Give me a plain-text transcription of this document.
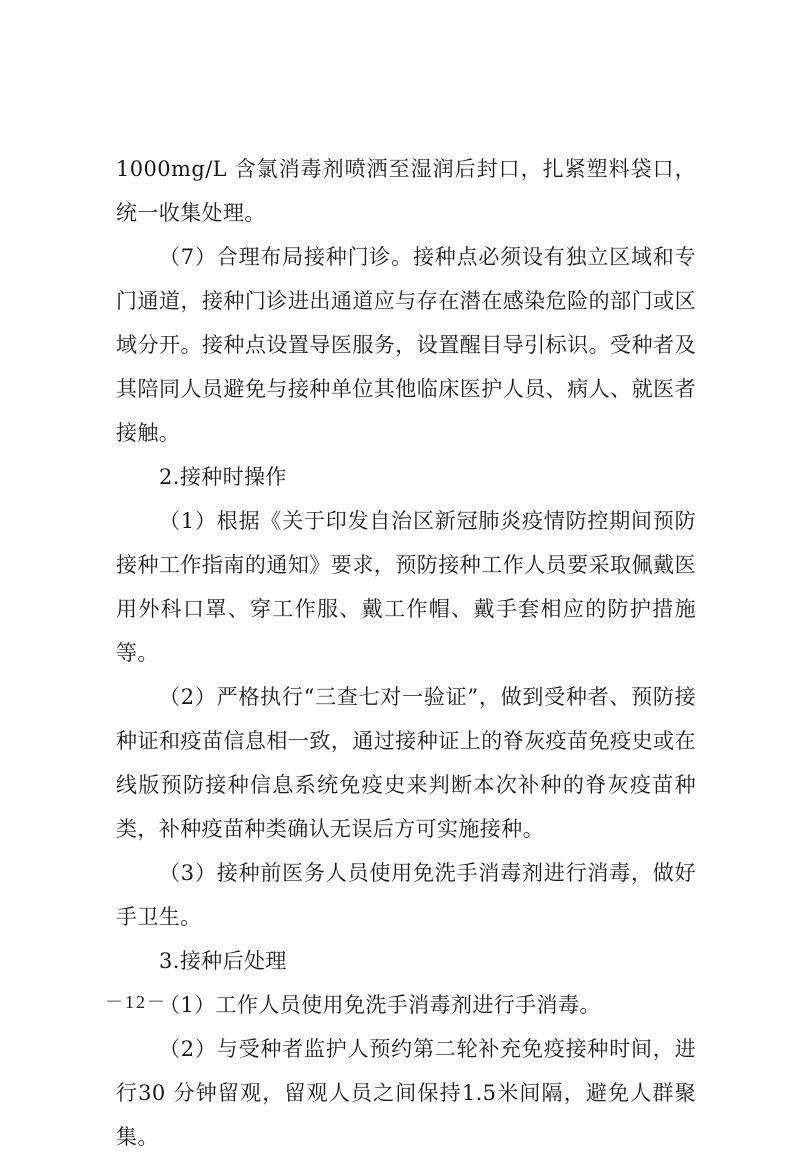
1000mg/L 含氯消毒剂喷洒至湿润后封口，扎紧塑料袋口，统一收集处理。

（7）合理布局接种门诊。接种点必须设有独立区域和专门通道，接种门诊进出通道应与存在潜在感染危险的部门或区域分开。接种点设置导医服务，设置醒目导引标识。受种者及其陪同人员避免与接种单位其他临床医护人员、病人、就医者接触。

2.接种时操作

（1）根据《关于印发自治区新冠肺炎疫情防控期间预防接种工作指南的通知》要求，预防接种工作人员要采取佩戴医用外科口罩、穿工作服、戴工作帽、戴手套相应的防护措施等。

（2）严格执行“三查七对一验证”，做到受种者、预防接种证和疫苗信息相一致，通过接种证上的脊灰疫苗免疫史或在线版预防接种信息系统免疫史来判断本次补种的脊灰疫苗种类，补种疫苗种类确认无误后方可实施接种。

（3）接种前医务人员使用免洗手消毒剂进行消毒，做好手卫生。

3.接种后处理

（1）工作人员使用免洗手消毒剂进行手消毒。

（2）与受种者监护人预约第二轮补充免疫接种时间，进行30 分钟留观，留观人员之间保持1.5米间隔，避免人群聚集。

－12－
